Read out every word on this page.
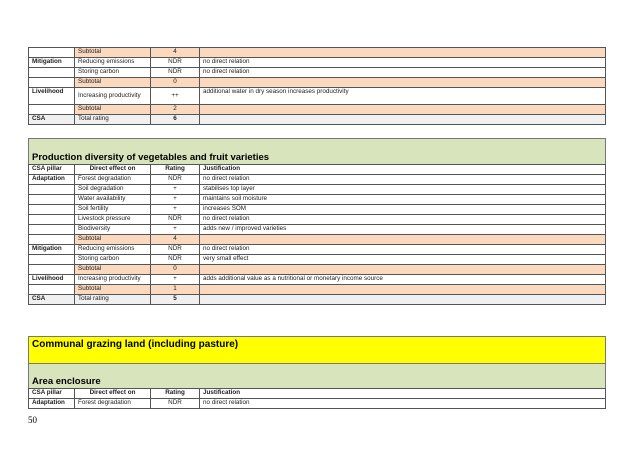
	Subtotal	4	
Mitigation	Reducing emissions	NDR	no direct relation
	Storing carbon	NDR	no direct relation
	Subtotal	0	
Livelihood	Increasing productivity	++	additional water in dry season increases productivity
	Subtotal	2	
CSA	Total rating	6	
Production diversity of vegetables and fruit varieties
CSA pillar	Direct effect on	Rating	Justification
Adaptation	Forest degradation	NDR	no direct relation
	Soil degradation	+	stabilises top layer
	Water availability	+	maintains soil moisture
	Soil fertility	+	increases SOM
	Livestock pressure	NDR	no direct relation
	Biodiversity	+	adds new / improved varieties
	Subtotal	4	
Mitigation	Reducing emissions	NDR	no direct relation
	Storing carbon	NDR	very small effect
	Subtotal	0	
Livelihood	Increasing productivity	+	adds additional value as a nutritional or monetary income source
	Subtotal	1	
CSA	Total rating	5	
Communal grazing land (including pasture)
Area enclosure
CSA pillar	Direct effect on	Rating	Justification
Adaptation	Forest degradation	NDR	no direct relation
50
